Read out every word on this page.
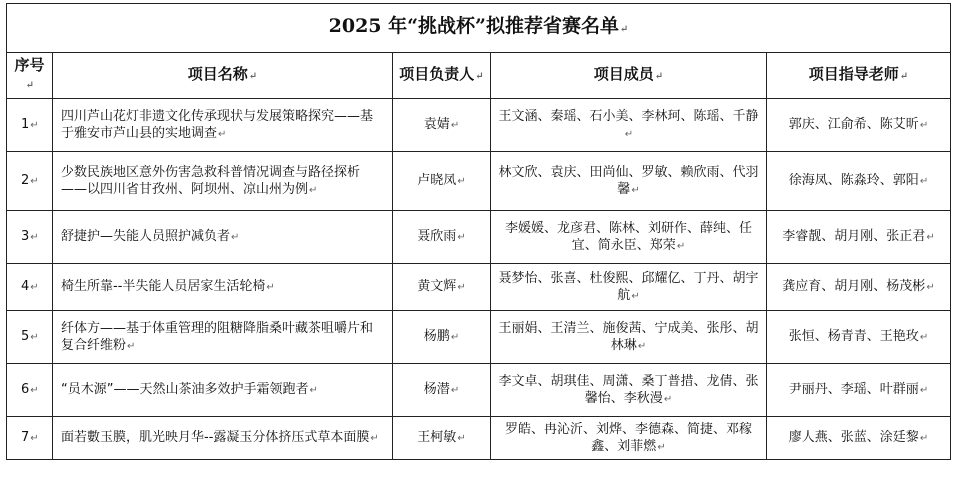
2025 年“挑战杯”拟推荐省赛名单↵				
序号↵	项目名称↵	项目负责人↵	项目成员↵	项目指导老师↵
1↵	四川芦山花灯非遗文化传承现状与发展策略探究——基于雅安市芦山县的实地调查↵	袁婧↵	王文涵、秦瑶、石小美、李林珂、陈瑶、千静↵	郭庆、江俞希、陈艾昕↵
2↵	少数民族地区意外伤害急救科普情况调查与路径探析——以四川省甘孜州、阿坝州、凉山州为例↵	卢晓凤↵	林文欣、袁庆、田尚仙、罗敏、赖欣雨、代羽馨↵	徐海凤、陈淼玲、郭阳↵
3↵	舒捷护—失能人员照护减负者↵	聂欣雨↵	李媛媛、龙彦君、陈林、刘研作、薛纯、任宜、简永臣、郑荣↵	李睿靓、胡月刚、张正君↵
4↵	椅生所靠--半失能人员居家生活轮椅↵	黄文辉↵	聂梦怡、张喜、杜俊熙、邱耀亿、丁丹、胡宇航↵	龚应育、胡月刚、杨茂彬↵
5↵	纤体方——基于体重管理的阻糖降脂桑叶藏茶咀嚼片和复合纤维粉↵	杨鹏↵	王丽娟、王清兰、施俊茜、宁成美、张彤、胡林琳↵	张恒、杨青青、王艳玫↵
6↵	“员木源”——天然山茶油多效护手霜领跑者↵	杨潜↵	李文卓、胡琪佳、周潇、桑丁普措、龙倩、张馨怡、李秋漫↵	尹丽丹、李瑶、叶群丽↵
7↵	面若數玉膜，肌光映月华--露凝玉分体挤压式草本面膜↵	王柯敏↵	罗皓、冉沁沂、刘烨、李德森、简捷、邓稼鑫、刘菲燃↵	廖人燕、张蓝、涂廷黎↵
